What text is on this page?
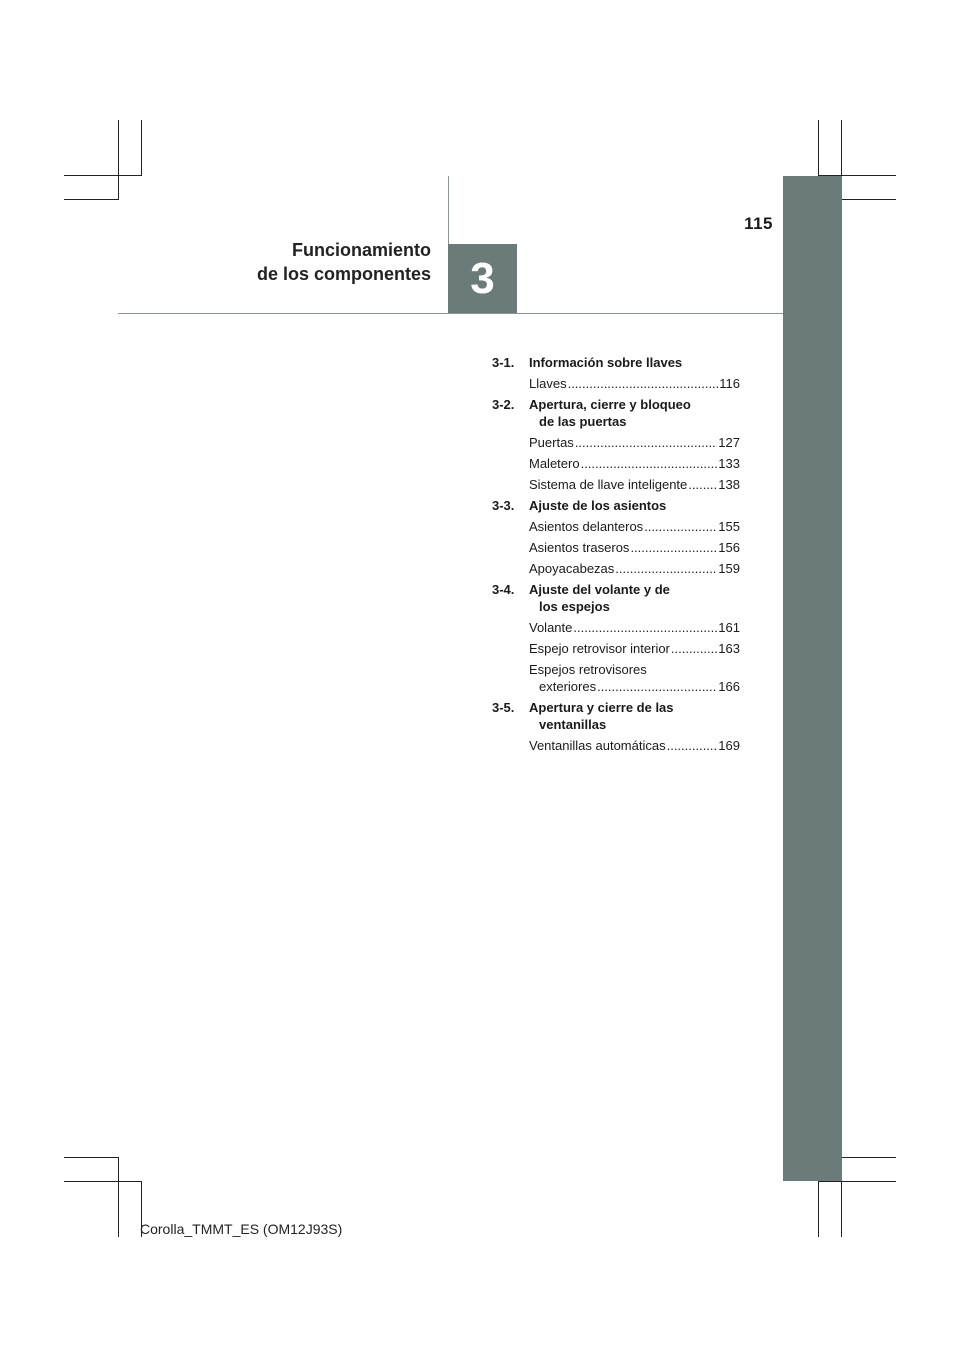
115
Funcionamiento
de los componentes 3
3-1.	Información sobre llaves
Llaves .....	116
3-2.	Apertura, cierre y bloqueo
de las puertas
Puertas .....	127
Maletero .....	133
Sistema de llave inteligente ..... 138
3-3.	Ajuste de los asientos
Asientos delanteros .....	155
Asientos traseros .....	156
Apoyacabezas .....	159
3-4.	Ajuste del volante y de
los espejos
Volante .....	161
Espejo retrovisor interior .....	163
Espejos retrovisores
exteriores .....	166
3-5.	Apertura y cierre de las
ventanillas
Ventanillas automáticas .....	169
Corolla_TMMT_ES (OM12J93S)
